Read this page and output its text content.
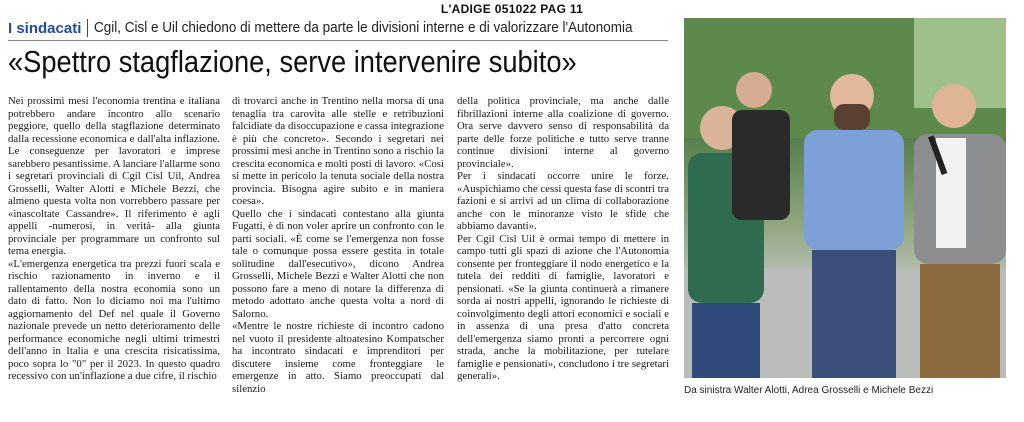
L'ADIGE 051022 PAG 11
I sindacati Cgil, Cisl e Uil chiedono di mettere da parte le divisioni interne e di valorizzare l'Autonomia
«Spettro stagflazione, serve intervenire subito»

Nei prossimi mesi l'economia trentina e italiana potrebbero andare incontro allo scenario peggiore, quello della stagflazione determinato dalla recessione economica e dall'alta inflazione. Le conseguenze per lavoratori e imprese sarebbero pesantissime. A lanciare l'allarme sono i segretari provinciali di Cgil Cisl Uil, Andrea Grosselli, Walter Alotti e Michele Bezzi, che almeno questa volta non vorrebbero passare per «inascoltate Cassandre». Il riferimento è agli appelli -numerosi, in verità- alla giunta provinciale per programmare un confronto sul tema energia.

«L'emergenza energetica tra prezzi fuori scala e rischio razionamento in inverno e il rallentamento della nostra economia sono un dato di fatto. Non lo diciamo noi ma l'ultimo aggiornamento del Def nel quale il Governo nazionale prevede un netto deterioramento delle performance economiche negli ultimi trimestri dell'anno in Italia e una crescita risicatissima, poco sopra lo "0" per il 2023. In questo quadro recessivo con un'inflazione a due cifre, il rischio

di trovarci anche in Trentino nella morsa di una tenaglia tra carovita alle stelle e retribuzioni falcidiate da disoccupazione e cassa integrazione è più che concreto». Secondo i segretari nei prossimi mesi anche in Trentino sono a rischio la crescita economica e molti posti di lavoro. «Così si mette in pericolo la tenuta sociale della nostra provincia. Bisogna agire subito e in maniera coesa».

Quello che i sindacati contestano alla giunta Fugatti, è di non voler aprire un confronto con le parti sociali. «È come se l'emergenza non fosse tale o comunque possa essere gestita in totale solitudine dall'esecutivo», dicono Andrea Grosselli, Michele Bezzi e Walter Alotti che non possono fare a meno di notare la differenza di metodo adottato anche questa volta a nord di Salorno.

«Mentre le nostre richieste di incontro cadono nel vuoto il presidente altoatesino Kompatscher ha incontrato sindacati e imprenditori per discutere insieme come fronteggiare le emergenze in atto. Siamo preoccupati dal silenzio

della politica provinciale, ma anche dalle fibrillazioni interne alla coalizione di governo. Ora serve davvero senso di responsabilità da parte delle forze politiche e tutto serve tranne continue divisioni interne al governo provinciale».

Per i sindacati occorre unire le forze. «Auspichiamo che cessi questa fase di scontri tra fazioni e si arrivi ad un clima di collaborazione anche con le minoranze visto le sfide che abbiamo davanti».

Per Cgil Cisl Uil è ormai tempo di mettere in campo tutti gli spazi di azione che l'Autonomia consente per fronteggiare il nodo energetico e la tutela dei redditi di famiglie, lavoratori e pensionati. «Se la giunta continuerà a rimanere sorda ai nostri appelli, ignorando le richieste di coinvolgimento degli attori economici e sociali e in assenza di una presa d'atto concreta dell'emergenza siamo pronti a percorrere ogni strada, anche la mobilitazione, per tutelare famiglie e pensionati», concludono i tre segretari generali».

Da sinistra Walter Alotti, Adrea Grosselli e Michele Bezzi
